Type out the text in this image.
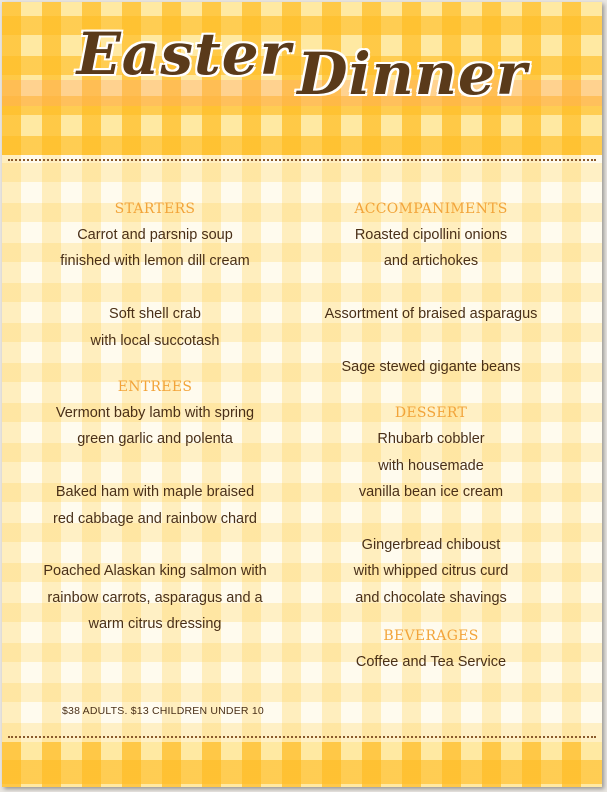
Easter Dinner
STARTERS
Carrot and parsnip soup
finished with lemon dill cream
Soft shell crab
with local succotash
ENTREES
Vermont baby lamb with spring
green garlic and polenta
Baked ham with maple braised
red cabbage and rainbow chard
Poached Alaskan king salmon with
rainbow carrots, asparagus and a
warm citrus dressing
ACCOMPANIMENTS
Roasted cipollini onions
and artichokes
Assortment of braised asparagus
Sage stewed gigante beans
DESSERT
Rhubarb cobbler
with housemade
vanilla bean ice cream
Gingerbread chiboust
with whipped citrus curd
and chocolate shavings
BEVERAGES
Coffee and Tea Service
$38 ADULTS. $13 CHILDREN UNDER 10
